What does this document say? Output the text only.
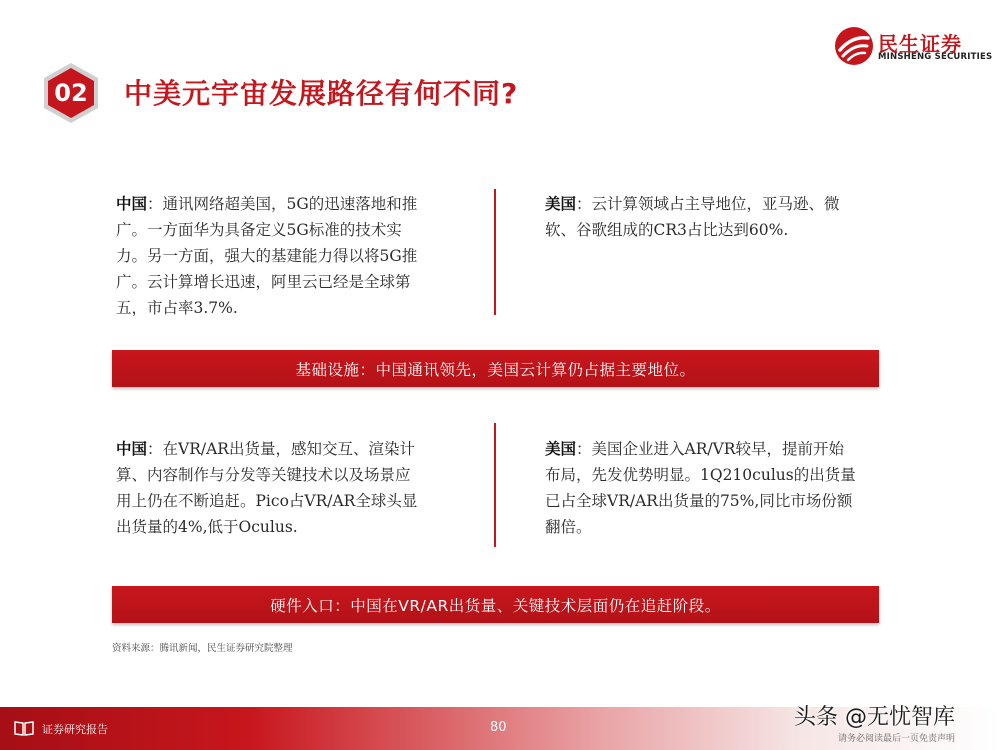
02	中美元宇宙发展路径有何不同?
民生证券
MINSHENG SECURITIES
中国：通讯网络超美国，5G的迅速落地和推
广。一方面华为具备定义5G标准的技术实
力。另一方面，强大的基建能力得以将5G推
广。云计算增长迅速，阿里云已经是全球第
五，市占率3.7%.
美国：云计算领域占主导地位，亚马逊、微
软、谷歌组成的CR3占比达到60%.
基础设施：中国通讯领先，美国云计算仍占据主要地位。
中国：在VR/AR出货量，感知交互、渲染计
算、内容制作与分发等关键技术以及场景应
用上仍在不断追赶。Pico占VR/AR全球头显
出货量的4%,低于Oculus.
美国：美国企业进入AR/VR较早，提前开始
布局，先发优势明显。1Q210culus的出货量
已占全球VR/AR出货量的75%,同比市场份额
翻倍。
硬件入口：中国在VR/AR出货量、关键技术层面仍在追赶阶段。
资料来源：腾讯新闻，民生证券研究院整理
证券研究报告	80
请务必阅读最后一页免责声明
头条 @无忧智库
